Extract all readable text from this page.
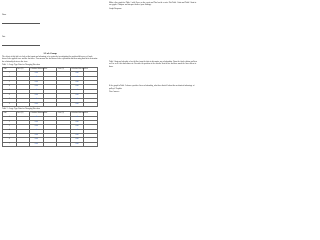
Name
Date
A Lab Group

The object of this lab is to look at the inputs and advantage of a system by investigating the position/difference of loads between the applied force and the last force. You measure the last between the experiment and then using that list to determine the relationship between the force.

Table 1 - Large Type Data for Changing Direction
Trial	Force (N)	Calculated Difference	Trial	Force (N)	Calculated Difference	Trial
1		value			value	
2		value			value	
3		value			value	
4		value			value	
5		value			value	
6		value			value	
7		value			value	
8		value			value	
Table 2 - Large Type Data for Changing Direction
Trial	Force (N)	Calculated Difference	Trial	Force (N)	Calculated Difference	Trial
1		value			value	
2		value			value	
3		value			value	
4		value			value	
5		value			value	
6		value			value	
7		value			value	

Make a line graph for Table 1 with Force on the y-axis and Trial on the x-axis. Plot Table 1 data and Table 2 data in one graph. Compare and interpret both of your findings.

Graph Response:

Table 3 data and calculate a best fit line from the data to determine any relationship. Draw the final relation and how well or well it fits both data sets. Describe the position of the data the best fit line and how much the lines differs in them.

If the graph in Table 3 shows a positive linear relationship, what does that tell about the mechanical advantage of pulleys? Explain.

Your Answer:
